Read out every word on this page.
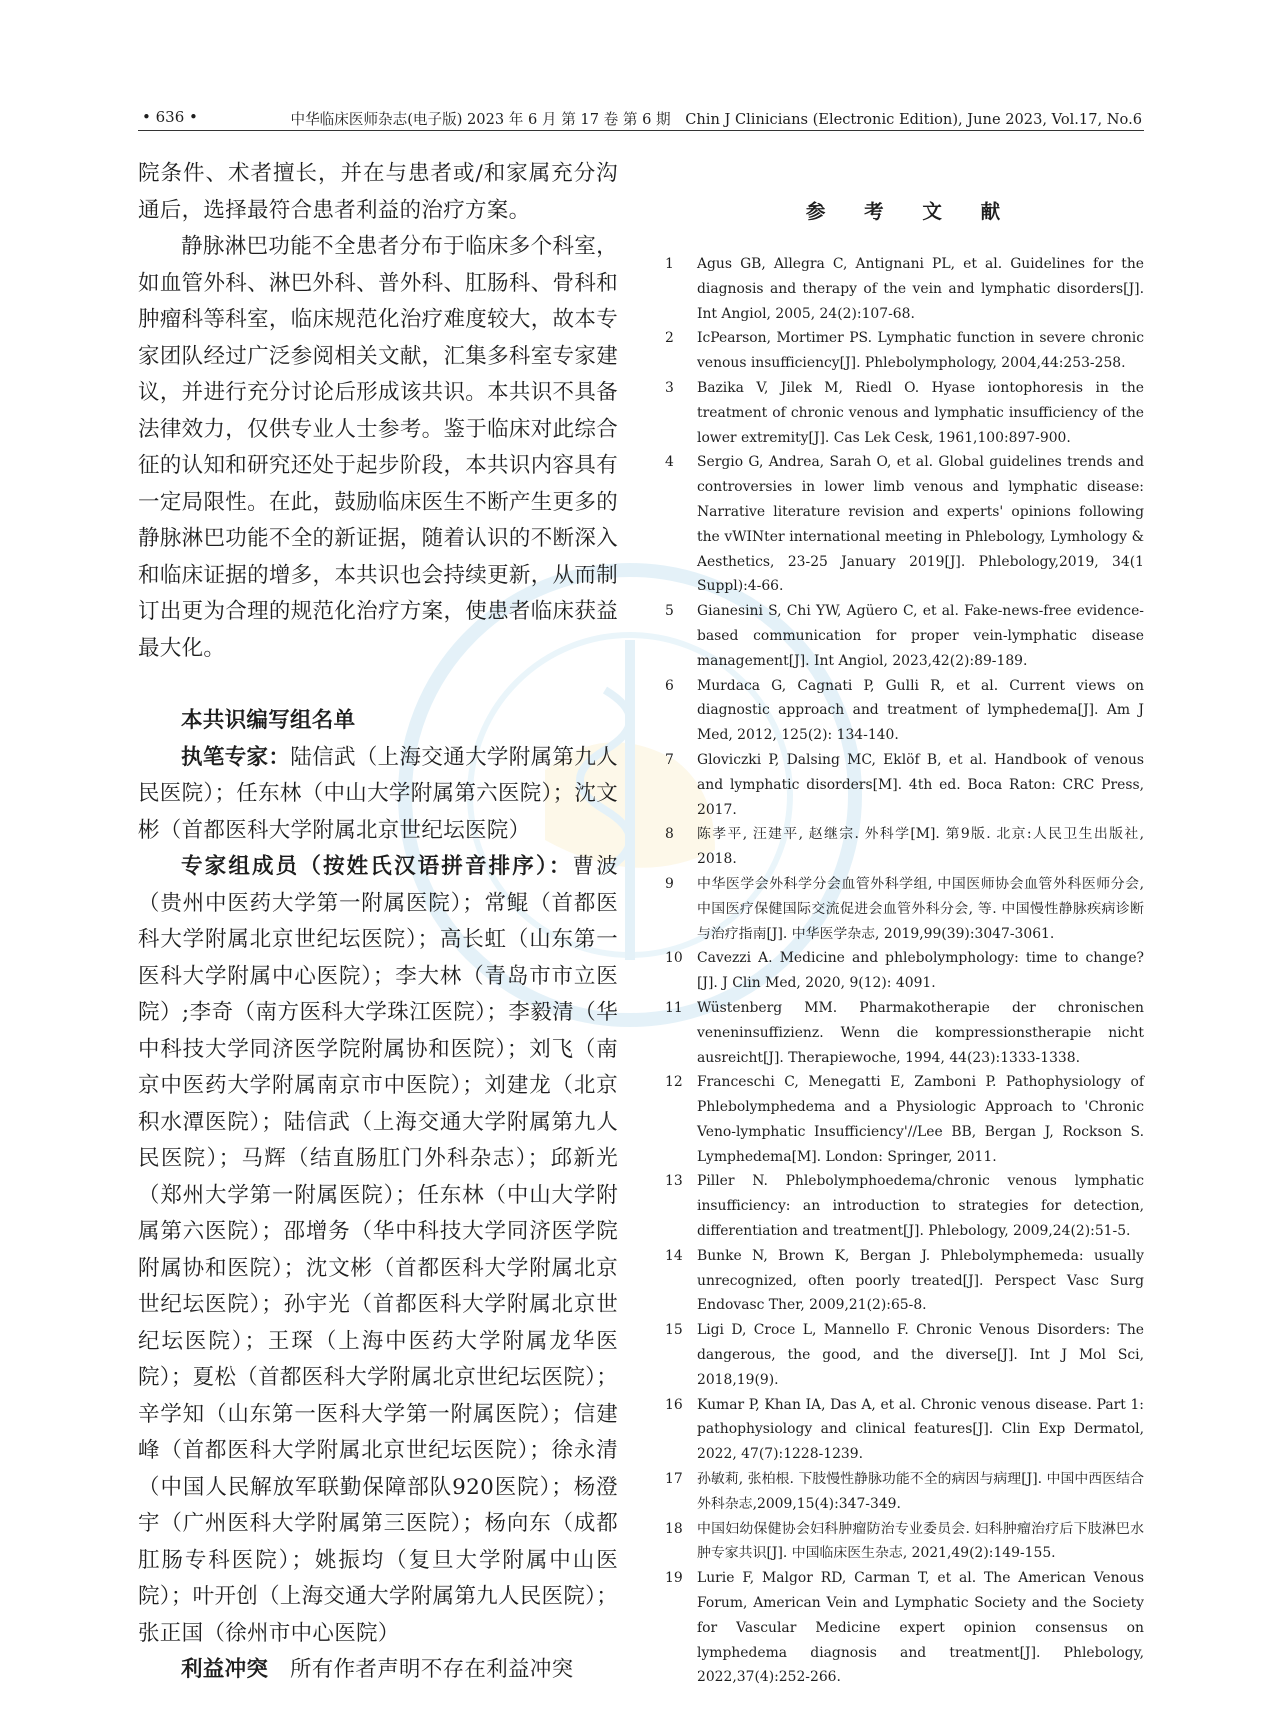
• 636 •	中华临床医师杂志(电子版) 2023 年 6 月 第 17 卷 第 6 期　Chin J Clinicians (Electronic Edition), June 2023, Vol.17, No.6

院条件、术者擅长，并在与患者或/和家属充分沟通后，选择最符合患者利益的治疗方案。

静脉淋巴功能不全患者分布于临床多个科室，如血管外科、淋巴外科、普外科、肛肠科、骨科和肿瘤科等科室，临床规范化治疗难度较大，故本专家团队经过广泛参阅相关文献，汇集多科室专家建议，并进行充分讨论后形成该共识。本共识不具备法律效力，仅供专业人士参考。鉴于临床对此综合征的认知和研究还处于起步阶段，本共识内容具有一定局限性。在此，鼓励临床医生不断产生更多的静脉淋巴功能不全的新证据，随着认识的不断深入和临床证据的增多，本共识也会持续更新，从而制订出更为合理的规范化治疗方案，使患者临床获益最大化。

本共识编写组名单

执笔专家：陆信武（上海交通大学附属第九人民医院）；任东林（中山大学附属第六医院）；沈文彬（首都医科大学附属北京世纪坛医院）

专家组成员（按姓氏汉语拼音排序）：曹波（贵州中医药大学第一附属医院）；常鲲（首都医科大学附属北京世纪坛医院）；高长虹（山东第一医科大学附属中心医院）；李大林（青岛市市立医院）;李奇（南方医科大学珠江医院）；李毅清（华中科技大学同济医学院附属协和医院）；刘飞（南京中医药大学附属南京市中医院）；刘建龙（北京积水潭医院）；陆信武（上海交通大学附属第九人民医院）；马辉（结直肠肛门外科杂志）；邱新光（郑州大学第一附属医院）；任东林（中山大学附属第六医院）；邵增务（华中科技大学同济医学院附属协和医院）；沈文彬（首都医科大学附属北京世纪坛医院）；孙宇光（首都医科大学附属北京世纪坛医院）；王琛（上海中医药大学附属龙华医院）；夏松（首都医科大学附属北京世纪坛医院）；辛学知（山东第一医科大学第一附属医院）；信建峰（首都医科大学附属北京世纪坛医院）；徐永清（中国人民解放军联勤保障部队920医院）；杨澄宇（广州医科大学附属第三医院）；杨向东（成都肛肠专科医院）；姚振均（复旦大学附属中山医院）；叶开创（上海交通大学附属第九人民医院）；张正国（徐州市中心医院）

利益冲突　 所有作者声明不存在利益冲突

参 考 文 献
1	Agus GB, Allegra C, Antignani PL, et al. Guidelines for the diagnosis and therapy of the vein and lymphatic disorders[J]. Int Angiol, 2005, 24(2):107-68.
2	IcPearson, Mortimer PS. Lymphatic function in severe chronic venous insufficiency[J]. Phlebolymphology, 2004,44:253-258.
3	Bazika V, Jilek M, Riedl O. Hyase iontophoresis in the treatment of chronic venous and lymphatic insufficiency of the lower extremity[J]. Cas Lek Cesk, 1961,100:897-900.
4	Sergio G, Andrea, Sarah O, et al. Global guidelines trends and controversies in lower limb venous and lymphatic disease: Narrative literature revision and experts' opinions following the vWINter international meeting in Phlebology, Lymhology & Aesthetics, 23-25 January 2019[J]. Phlebology,2019, 34(1 Suppl):4-66.
5	Gianesini S, Chi YW, Agüero C, et al. Fake-news-free evidence-based communication for proper vein-lymphatic disease management[J]. Int Angiol, 2023,42(2):89-189.
6	Murdaca G, Cagnati P, Gulli R, et al. Current views on diagnostic approach and treatment of lymphedema[J]. Am J Med, 2012, 125(2): 134-140.
7	Gloviczki P, Dalsing MC, Eklöf B, et al. Handbook of venous and lymphatic disorders[M]. 4th ed. Boca Raton: CRC Press, 2017.
8	陈孝平, 汪建平, 赵继宗. 外科学[M]. 第9版. 北京:人民卫生出版社, 2018.
9	中华医学会外科学分会血管外科学组, 中国医师协会血管外科医师分会, 中国医疗保健国际交流促进会血管外科分会, 等. 中国慢性静脉疾病诊断与治疗指南[J]. 中华医学杂志, 2019,99(39):3047-3061.
10	Cavezzi A. Medicine and phlebolymphology: time to change? [J]. J Clin Med, 2020, 9(12): 4091.
11	Wüstenberg MM. Pharmakotherapie der chronischen veneninsuffizienz. Wenn die kompressionstherapie nicht ausreicht[J]. Therapiewoche, 1994, 44(23):1333-1338.
12	Franceschi C, Menegatti E, Zamboni P. Pathophysiology of Phlebolymphedema and a Physiologic Approach to 'Chronic Veno-lymphatic Insufficiency'//Lee BB, Bergan J, Rockson S. Lymphedema[M]. London: Springer, 2011.
13	Piller N. Phlebolymphoedema/chronic venous lymphatic insufficiency: an introduction to strategies for detection, differentiation and treatment[J]. Phlebology, 2009,24(2):51-5.
14	Bunke N, Brown K, Bergan J. Phlebolymphemeda: usually unrecognized, often poorly treated[J]. Perspect Vasc Surg Endovasc Ther, 2009,21(2):65-8.
15	Ligi D, Croce L, Mannello F. Chronic Venous Disorders: The dangerous, the good, and the diverse[J]. Int J Mol Sci, 2018,19(9).
16	Kumar P, Khan IA, Das A, et al. Chronic venous disease. Part 1: pathophysiology and clinical features[J]. Clin Exp Dermatol, 2022, 47(7):1228-1239.
17	孙敏莉, 张柏根. 下肢慢性静脉功能不全的病因与病理[J]. 中国中西医结合外科杂志,2009,15(4):347-349.
18	中国妇幼保健协会妇科肿瘤防治专业委员会. 妇科肿瘤治疗后下肢淋巴水肿专家共识[J]. 中国临床医生杂志, 2021,49(2):149-155.
19	Lurie F, Malgor RD, Carman T, et al. The American Venous Forum, American Vein and Lymphatic Society and the Society for Vascular Medicine expert opinion consensus on lymphedema diagnosis and treatment[J]. Phlebology, 2022,37(4):252-266.
